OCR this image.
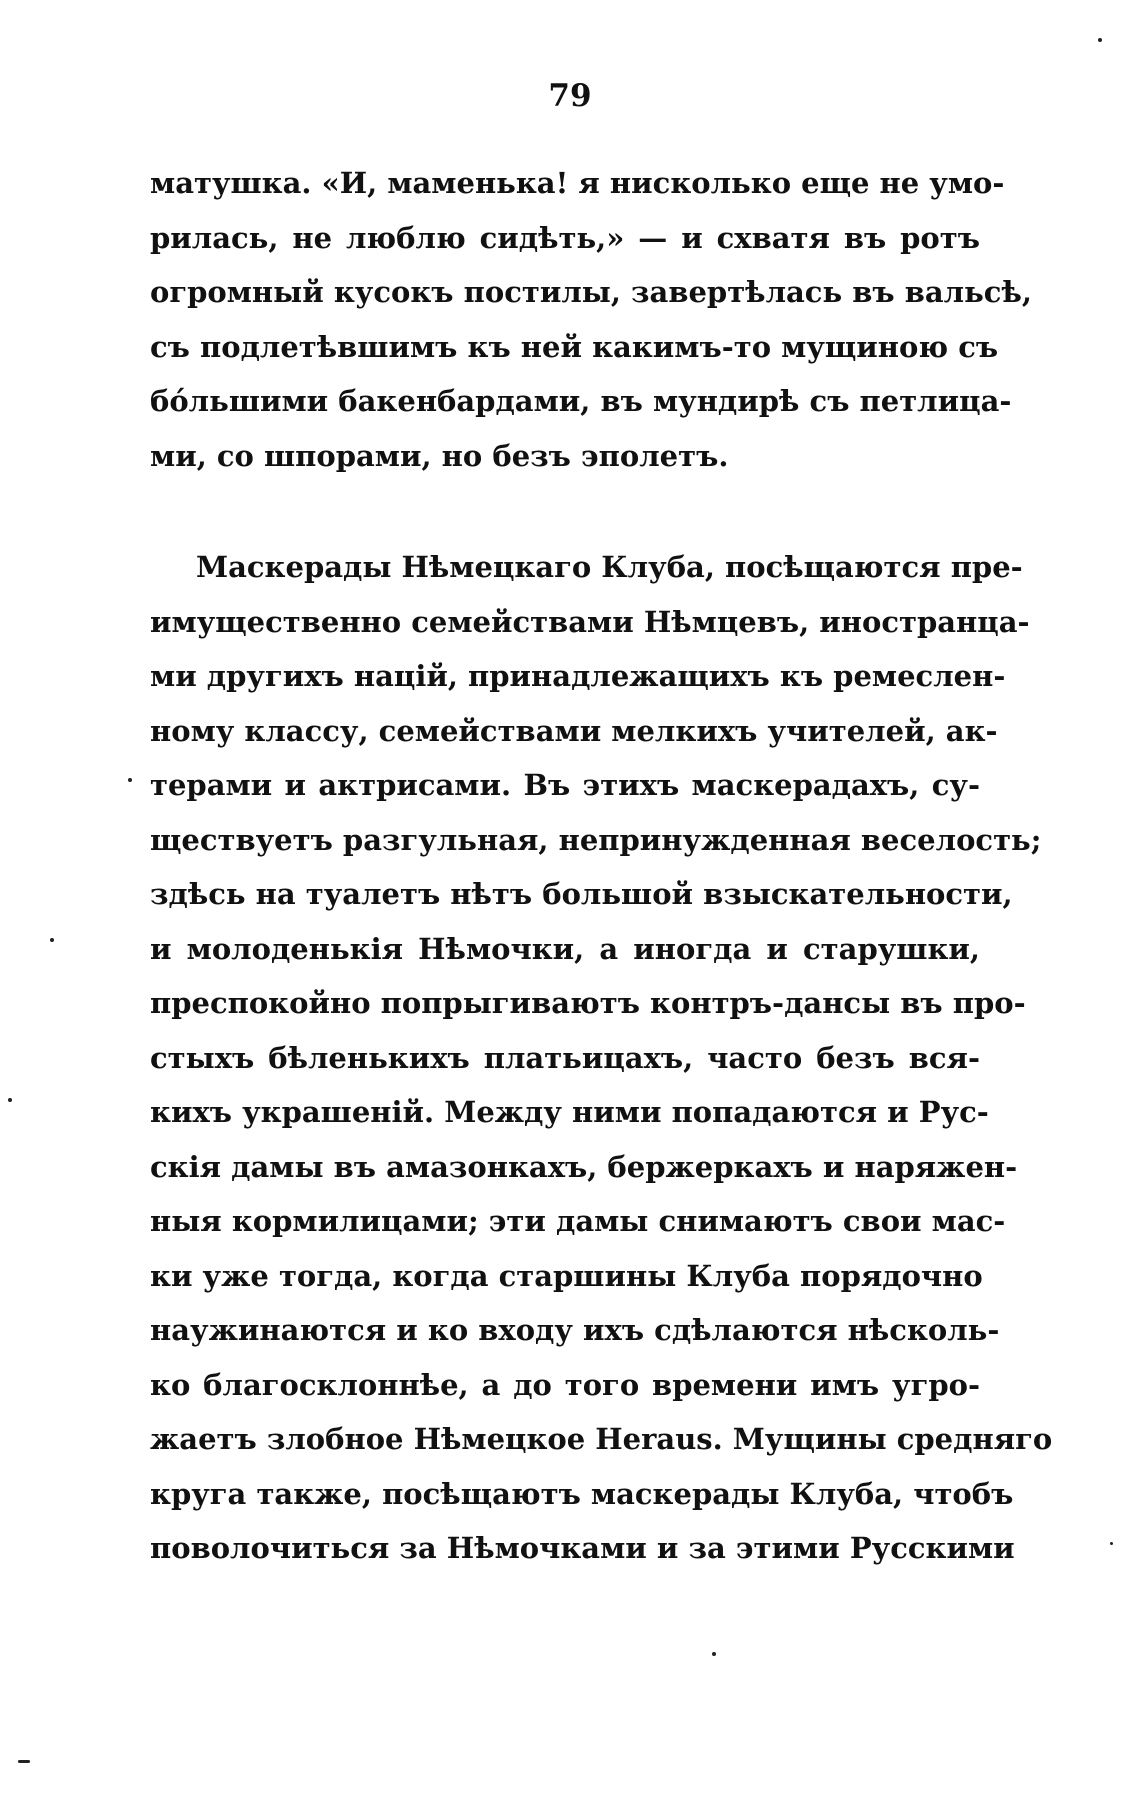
79
матушка. «И, маменька! я нисколько еще не умо-
рилась, не люблю сидѣть,» — и схватя въ ротъ
огромный кусокъ постилы, завертѣлась въ вальсѣ,
съ подлетѣвшимъ къ ней какимъ-то мущиною съ
бóльшими бакенбардами, въ мундирѣ съ петлица-
ми, со шпорами, но безъ эполетъ.
Маскерады Нѣмецкаго Клуба, посѣщаются пре-
имущественно семействами Нѣмцевъ, иностранца-
ми другихъ націй, принадлежащихъ къ ремеслен-
ному классу, семействами мелкихъ учителей, ак-
терами и актрисами. Въ этихъ маскерадахъ, су-
ществуетъ разгульная, непринужденная веселость;
здѣсь на туалетъ нѣтъ большой взыскательности,
и молоденькія Нѣмочки, а иногда и старушки,
преспокойно попрыгиваютъ контръ-дансы въ про-
стыхъ бѣленькихъ платьицахъ, часто безъ вся-
кихъ украшеній. Между ними попадаются и Рус-
скія дамы въ амазонкахъ, бержеркахъ и наряжен-
ныя кормилицами; эти дамы снимаютъ свои мас-
ки уже тогда, когда старшины Клуба порядочно
наужинаются и ко входу ихъ сдѣлаются нѣсколь-
ко благосклоннѣе, а до того времени имъ угро-
жаетъ злобное Нѣмецкое Heraus. Мущины средняго
круга также, посѣщаютъ маскерады Клуба, чтобъ
поволочиться за Нѣмочками и за этими Русскими
